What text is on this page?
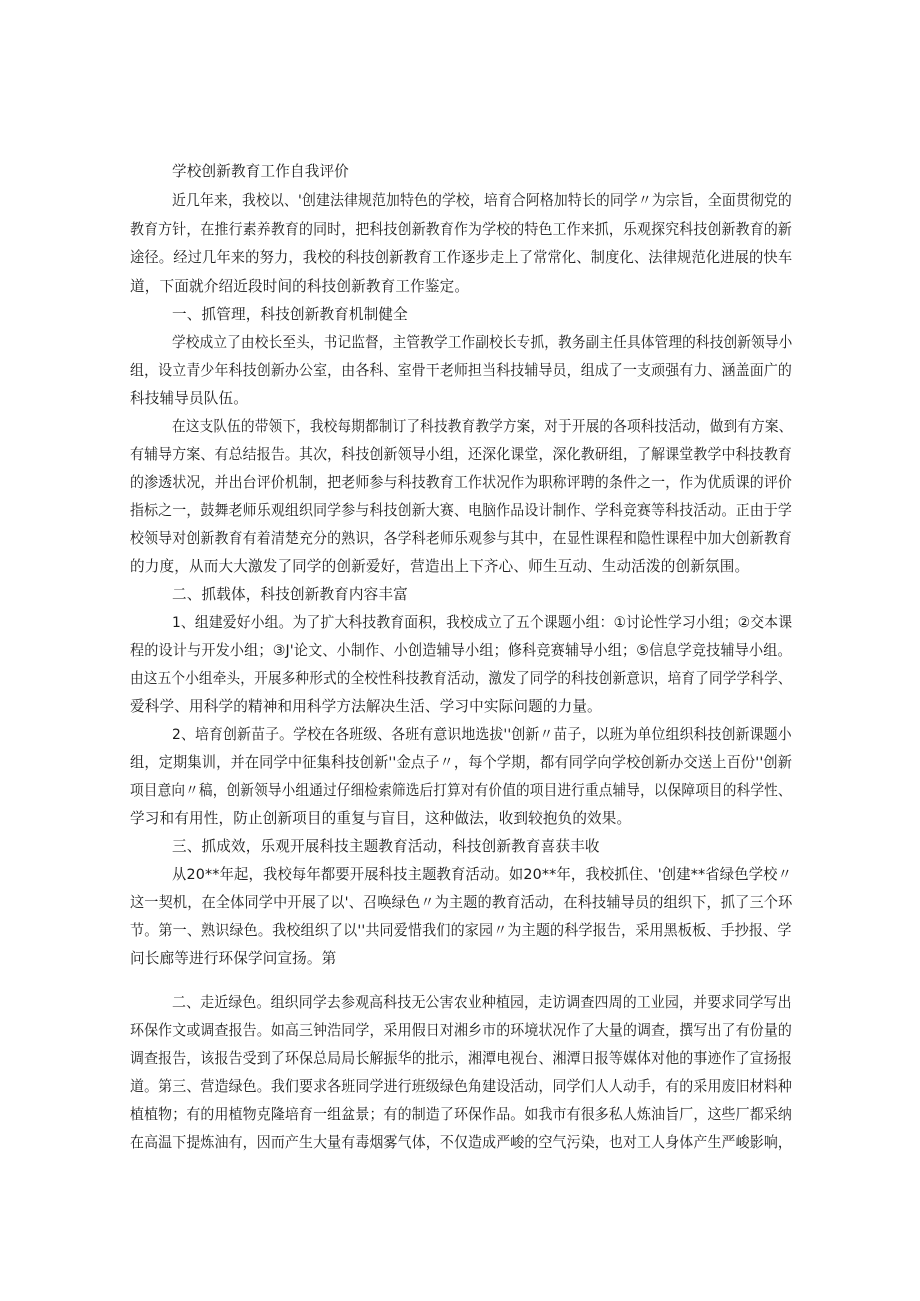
学校创新教育工作自我评价
近几年来，我校以、'创建法律规范加特色的学校，培育合阿格加特长的同学〃为宗旨，全面贯彻党的
教育方针，在推行素养教育的同时，把科技创新教育作为学校的特色工作来抓，乐观探究科技创新教育的新
途径。经过几年来的努力，我校的科技创新教育工作逐步走上了常常化、制度化、法律规范化进展的快车
道，下面就介绍近段时间的科技创新教育工作鉴定。
一、抓管理，科技创新教育机制健全
学校成立了由校长至头，书记监督，主管教学工作副校长专抓，教务副主任具体管理的科技创新领导小
组，设立青少年科技创新办公室，由各科、室骨干老师担当科技辅导员，组成了一支顽强有力、涵盖面广的
科技辅导员队伍。
在这支队伍的带领下，我校每期都制订了科技教育教学方案，对于开展的各项科技活动，做到有方案、
有辅导方案、有总结报告。其次，科技创新领导小组，还深化课堂，深化教研组，了解课堂教学中科技教育
的渗透状况，并出台评价机制，把老师参与科技教育工作状况作为职称评聘的条件之一，作为优质课的评价
指标之一，鼓舞老师乐观组织同学参与科技创新大赛、电脑作品设计制作、学科竞赛等科技活动。正由于学
校领导对创新教育有着清楚充分的熟识，各学科老师乐观参与其中，在显性课程和隐性课程中加大创新教育
的力度，从而大大激发了同学的创新爱好，营造出上下齐心、师生互动、生动活泼的创新氛围。
二、抓载体，科技创新教育内容丰富
1、组建爱好小组。为了扩大科技教育面积，我校成立了五个课题小组：①讨论性学习小组；②交本课
程的设计与开发小组；③J'论文、小制作、小创造辅导小组；修科竞赛辅导小组；⑤信息学竞技辅导小组。
由这五个小组牵头，开展多种形式的全校性科技教育活动，激发了同学的科技创新意识，培育了同学学科学、
爱科学、用科学的精神和用科学方法解决生活、学习中实际问题的力量。
2、培育创新苗子。学校在各班级、各班有意识地选拔''创新〃苗子，以班为单位组织科技创新课题小
组，定期集训，并在同学中征集科技创新''金点子〃，每个学期，都有同学向学校创新办交送上百份''创新
项目意向〃稿，创新领导小组通过仔细检索筛选后打算对有价值的项目进行重点辅导，以保障项目的科学性、
学习和有用性，防止创新项目的重复与盲目，这种做法，收到较抱负的效果。
三、抓成效，乐观开展科技主题教育活动，科技创新教育喜获丰收
从20**年起，我校每年都要开展科技主题教育活动。如20**年，我校抓住、'创建**省绿色学校〃
这一契机，在全体同学中开展了以'、召唤绿色〃为主题的教育活动，在科技辅导员的组织下，抓了三个环
节。第一、熟识绿色。我校组织了以''共同爱惜我们的家园〃为主题的科学报告，采用黑板板、手抄报、学
问长廊等进行环保学问宣扬。第
二、走近绿色。组织同学去参观高科技无公害农业种植园，走访调查四周的工业园，并要求同学写出
环保作文或调查报告。如高三钟浩同学，采用假日对湘乡市的环境状况作了大量的调查，撰写出了有份量的
调查报告，该报告受到了环保总局局长解振华的批示，湘潭电视台、湘潭日报等媒体对他的事迹作了宣扬报
道。第三、营造绿色。我们要求各班同学进行班级绿色角建设活动，同学们人人动手，有的采用废旧材料种
植植物；有的用植物克隆培育一组盆景；有的制造了环保作品。如我市有很多私人炼油旨厂，这些厂都采纳
在高温下提炼油有，因而产生大量有毒烟雾气体，不仅造成严峻的空气污染，也对工人身体产生严峻影响，
